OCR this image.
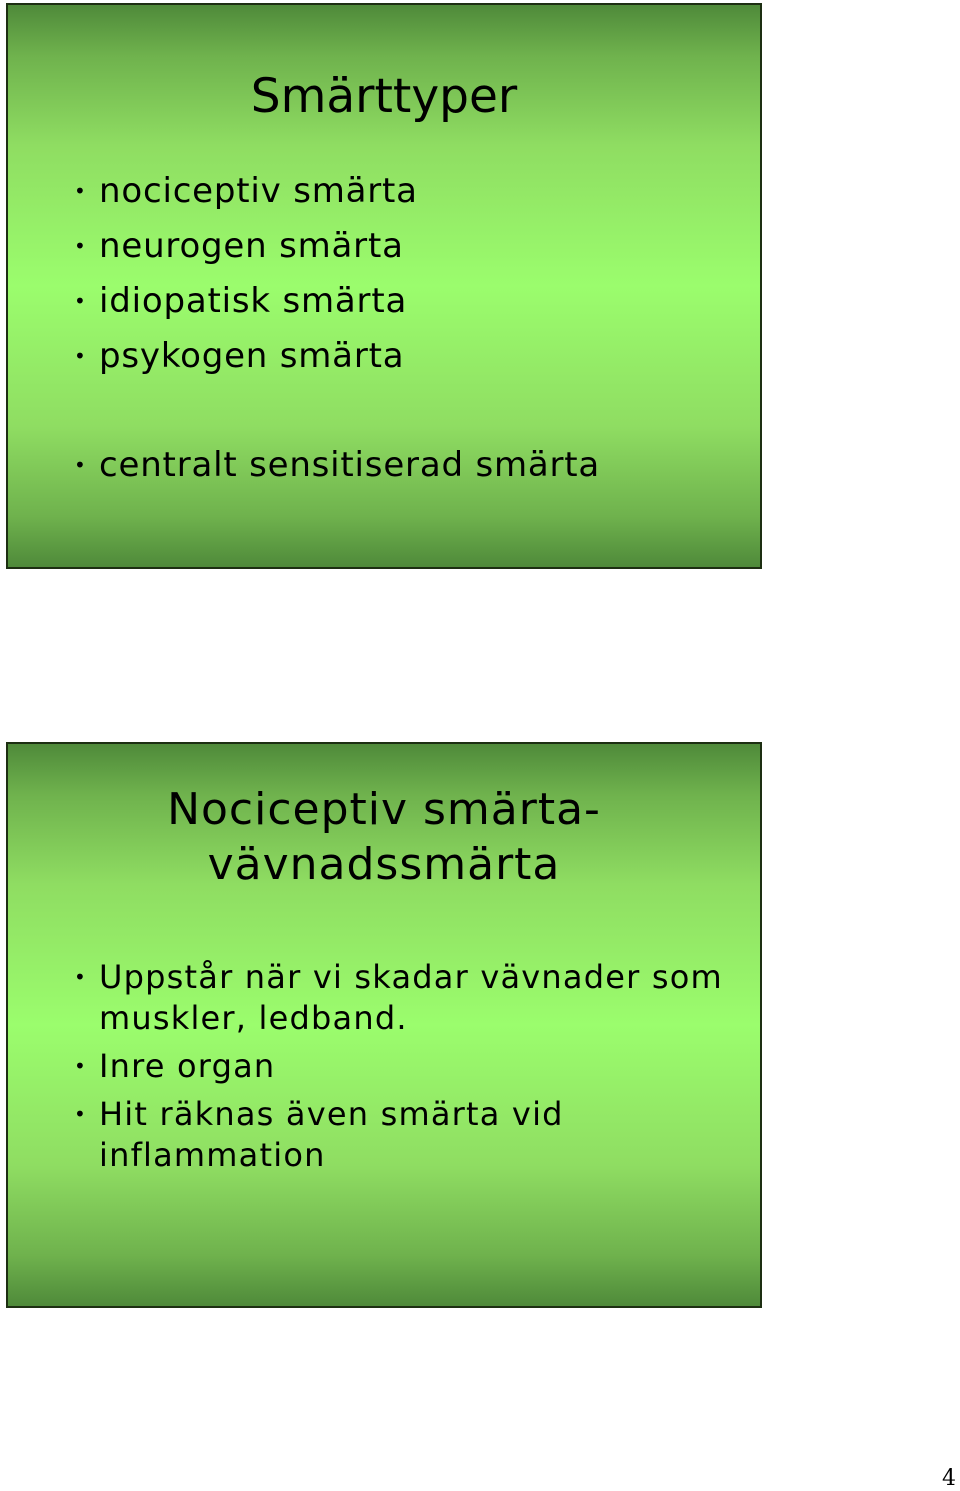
Smärttyper
• nociceptiv smärta
• neurogen smärta
• idiopatisk smärta
• psykogen smärta
• centralt sensitiserad smärta
Nociceptiv smärta-
vävnadssmärta
• Uppstår när vi skadar vävnader som
muskler, ledband.
• Inre organ
• Hit räknas även smärta vid
inflammation
4
